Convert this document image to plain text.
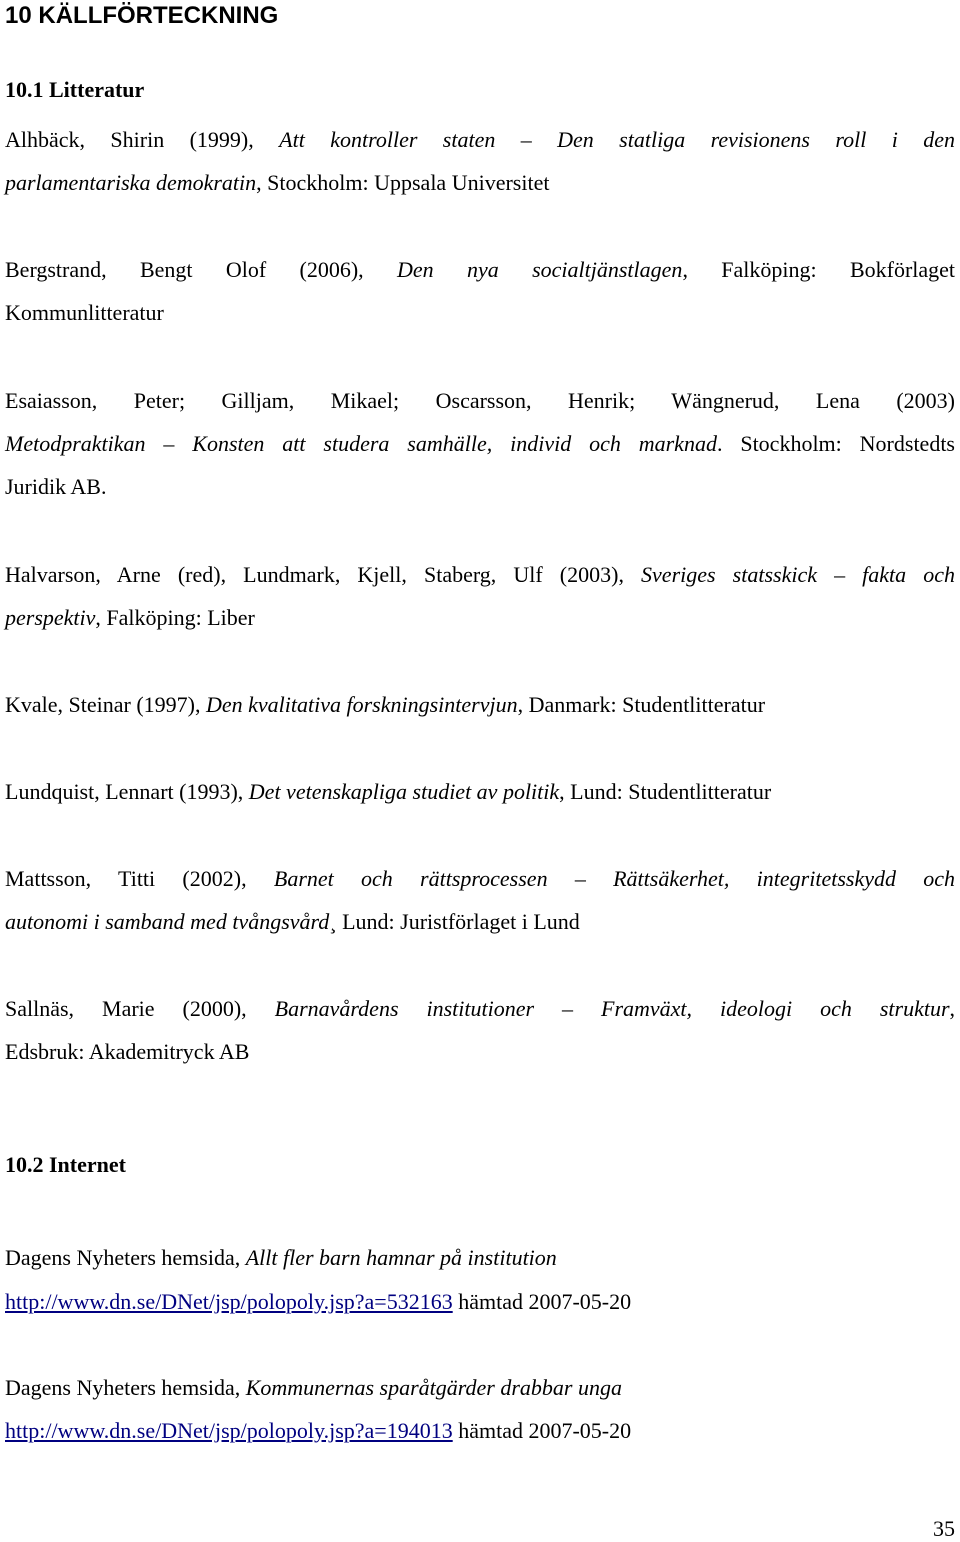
10 KÄLLFÖRTECKNING
10.1 Litteratur
Alhbäck, Shirin (1999), Att kontroller staten – Den statliga revisionens roll i den
parlamentariska demokratin, Stockholm: Uppsala Universitet
Bergstrand, Bengt Olof (2006), Den nya socialtjänstlagen, Falköping: Bokförlaget
Kommunlitteratur
Esaiasson, Peter; Gilljam, Mikael; Oscarsson, Henrik; Wängnerud, Lena (2003)
Metodpraktikan – Konsten att studera samhälle, individ och marknad. Stockholm: Nordstedts
Juridik AB.
Halvarson, Arne (red), Lundmark, Kjell, Staberg, Ulf (2003), Sveriges statsskick – fakta och
perspektiv, Falköping: Liber
Kvale, Steinar (1997), Den kvalitativa forskningsintervjun, Danmark: Studentlitteratur
Lundquist, Lennart (1993), Det vetenskapliga studiet av politik, Lund: Studentlitteratur
Mattsson, Titti (2002), Barnet och rättsprocessen – Rättsäkerhet, integritetsskydd och
autonomi i samband med tvångsvård¸ Lund: Juristförlaget i Lund
Sallnäs, Marie (2000), Barnavårdens institutioner – Framväxt, ideologi och struktur,
Edsbruk: Akademitryck AB
10.2 Internet
Dagens Nyheters hemsida, Allt fler barn hamnar på institution
http://www.dn.se/DNet/jsp/polopoly.jsp?a=532163 hämtad 2007-05-20
Dagens Nyheters hemsida, Kommunernas sparåtgärder drabbar unga
http://www.dn.se/DNet/jsp/polopoly.jsp?a=194013 hämtad 2007-05-20
35
